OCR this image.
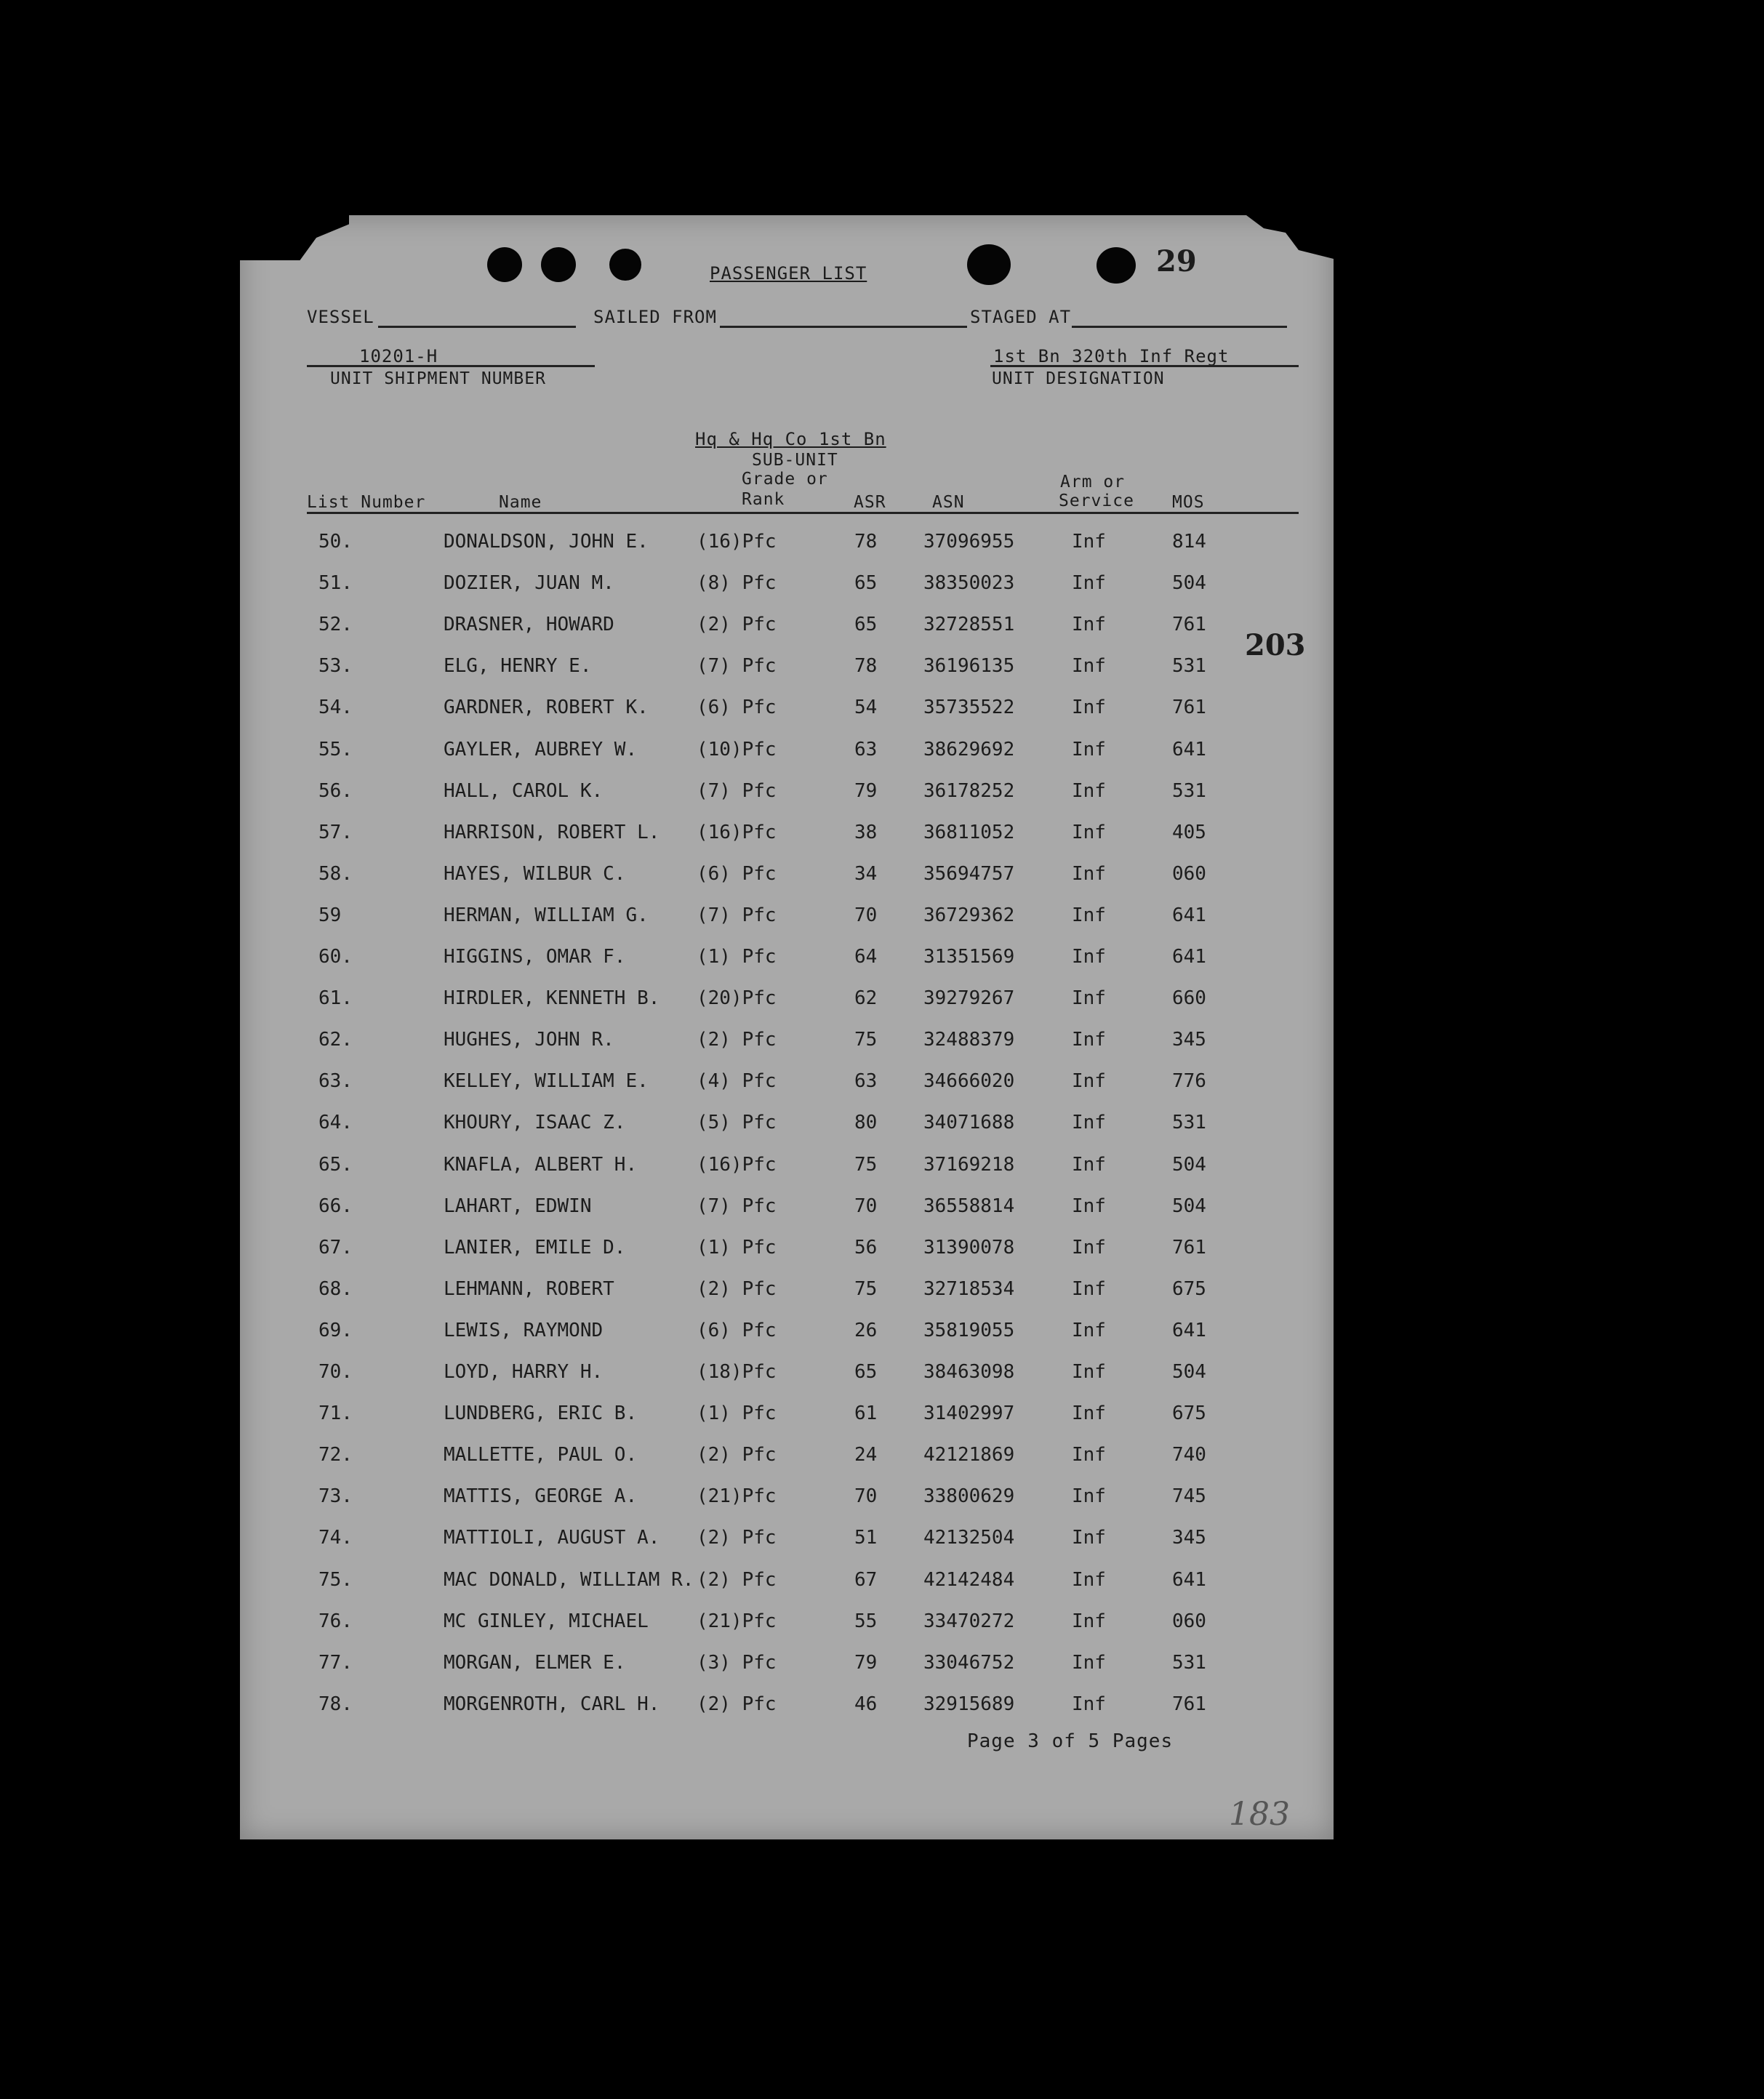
29
203
183
PASSENGER LIST
VESSEL	SAILED FROM	STAGED AT
10201-H
UNIT SHIPMENT NUMBER
1st Bn 320th Inf Regt
UNIT DESIGNATION
Hq & Hq Co 1st Bn
SUB-UNIT
Grade or
Rank
Arm or
Service
List Number	Name	ASR	ASN	MOS
50.	DONALDSON, JOHN E.	(16)Pfc	78 37096955	Inf	814
51.	DOZIER, JUAN M.	(8) Pfc	65 38350023	Inf	504
52.	DRASNER, HOWARD	(2) Pfc	65 32728551	Inf	761
53.	ELG, HENRY E.	(7) Pfc	78 36196135	Inf	531
54.	GARDNER, ROBERT K.	(6) Pfc	54 35735522	Inf	761
55.	GAYLER, AUBREY W.	(10)Pfc	63 38629692	Inf	641
56.	HALL, CAROL K.	(7) Pfc	79 36178252	Inf	531
57.	HARRISON, ROBERT L. (16)Pfc	38 36811052	Inf	405
58.	HAYES, WILBUR C.	(6) Pfc	34 35694757	Inf	060
59	HERMAN, WILLIAM G.	(7) Pfc	70 36729362	Inf	641
60.	HIGGINS, OMAR F.	(1) Pfc	64 31351569	Inf	641
61.	HIRDLER, KENNETH B. (20)Pfc	62 39279267	Inf	660
62.	HUGHES, JOHN R.	(2) Pfc	75 32488379	Inf	345
63.	KELLEY, WILLIAM E.	(4) Pfc	63 34666020	Inf	776
64.	KHOURY, ISAAC Z.	(5) Pfc	80 34071688	Inf	531
65.	KNAFLA, ALBERT H.	(16)Pfc	75 37169218	Inf	504
66.	LAHART, EDWIN	(7) Pfc	70 36558814	Inf	504
67.	LANIER, EMILE D.	(1) Pfc	56 31390078	Inf	761
68.	LEHMANN, ROBERT	(2) Pfc	75 32718534	Inf	675
69.	LEWIS, RAYMOND	(6) Pfc	26 35819055	Inf	641
70.	LOYD, HARRY H.	(18)Pfc	65 38463098	Inf	504
71.	LUNDBERG, ERIC B.	(1) Pfc	61 31402997	Inf	675
72.	MALLETTE, PAUL O.	(2) Pfc	24 42121869	Inf	740
73.	MATTIS, GEORGE A.	(21)Pfc	70 33800629	Inf	745
74.	MATTIOLI, AUGUST A. (2) Pfc	51 42132504	Inf	345
75.	MAC DONALD, WILLIAM R. (2) Pfc	67 42142484	Inf	641
76.	MC GINLEY, MICHAEL	(21)Pfc	55 33470272	Inf	060
77.	MORGAN, ELMER E.	(3) Pfc	79 33046752	Inf	531
78.	MORGENROTH, CARL H. (2) Pfc	46 32915689	Inf	761
Page 3 of 5 Pages
